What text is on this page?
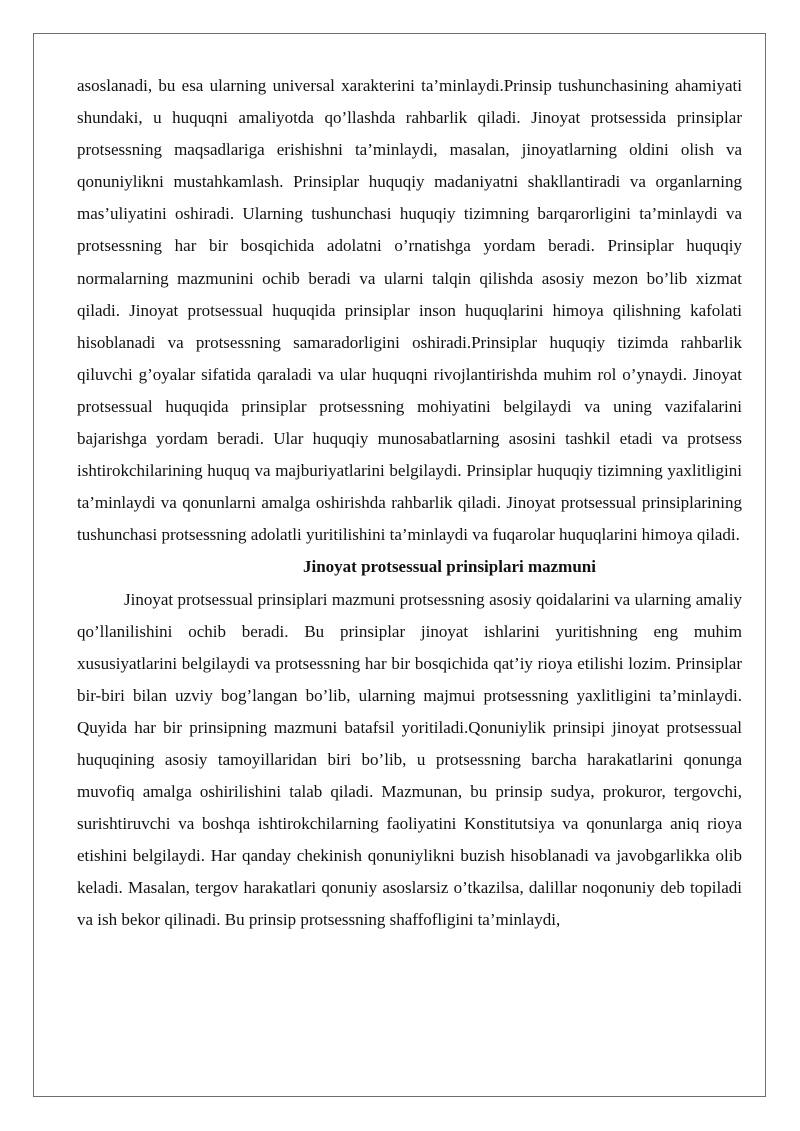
asoslanadi, bu esa ularning universal xarakterini ta’minlaydi.Prinsip tushunchasining ahamiyati shundaki, u huquqni amaliyotda qo’llashda rahbarlik qiladi. Jinoyat protsessida prinsiplar protsessning maqsadlariga erishishni ta’minlaydi, masalan, jinoyatlarning oldini olish va qonuniylikni mustahkamlash. Prinsiplar huquqiy madaniyatni shakllantiradi va organlarning mas’uliyatini oshiradi. Ularning tushunchasi huquqiy tizimning barqarorligini ta’minlaydi va protsessning har bir bosqichida adolatni o’rnatishga yordam beradi. Prinsiplar huquqiy normalarning mazmunini ochib beradi va ularni talqin qilishda asosiy mezon bo’lib xizmat qiladi. Jinoyat protsessual huquqida prinsiplar inson huquqlarini himoya qilishning kafolati hisoblanadi va protsessning samaradorligini oshiradi.Prinsiplar huquqiy tizimda rahbarlik qiluvchi g’oyalar sifatida qaraladi va ular huquqni rivojlantirishda muhim rol o’ynaydi. Jinoyat protsessual huquqida prinsiplar protsessning mohiyatini belgilaydi va uning vazifalarini bajarishga yordam beradi. Ular huquqiy munosabatlarning asosini tashkil etadi va protsess ishtirokchilarining huquq va majburiyatlarini belgilaydi. Prinsiplar huquqiy tizimning yaxlitligini ta’minlaydi va qonunlarni amalga oshirishda rahbarlik qiladi. Jinoyat protsessual prinsiplarining tushunchasi protsessning adolatli yuritilishini ta’minlaydi va fuqarolar huquqlarini himoya qiladi.

Jinoyat protsessual prinsiplari mazmuni

Jinoyat protsessual prinsiplari mazmuni protsessning asosiy qoidalarini va ularning amaliy qo’llanilishini ochib beradi. Bu prinsiplar jinoyat ishlarini yuritishning eng muhim xususiyatlarini belgilaydi va protsessning har bir bosqichida qat’iy rioya etilishi lozim. Prinsiplar bir-biri bilan uzviy bog’langan bo’lib, ularning majmui protsessning yaxlitligini ta’minlaydi. Quyida har bir prinsipning mazmuni batafsil yoritiladi.Qonuniylik prinsipi jinoyat protsessual huquqining asosiy tamoyillaridan biri bo’lib, u protsessning barcha harakatlarini qonunga muvofiq amalga oshirilishini talab qiladi. Mazmunan, bu prinsip sudya, prokuror, tergovchi, surishtiruvchi va boshqa ishtirokchilarning faoliyatini Konstitutsiya va qonunlarga aniq rioya etishini belgilaydi. Har qanday chekinish qonuniylikni buzish hisoblanadi va javobgarlikka olib keladi. Masalan, tergov harakatlari qonuniy asoslarsiz o’tkazilsa, dalillar noqonuniy deb topiladi va ish bekor qilinadi. Bu prinsip protsessning shaffofligini ta’minlaydi,
